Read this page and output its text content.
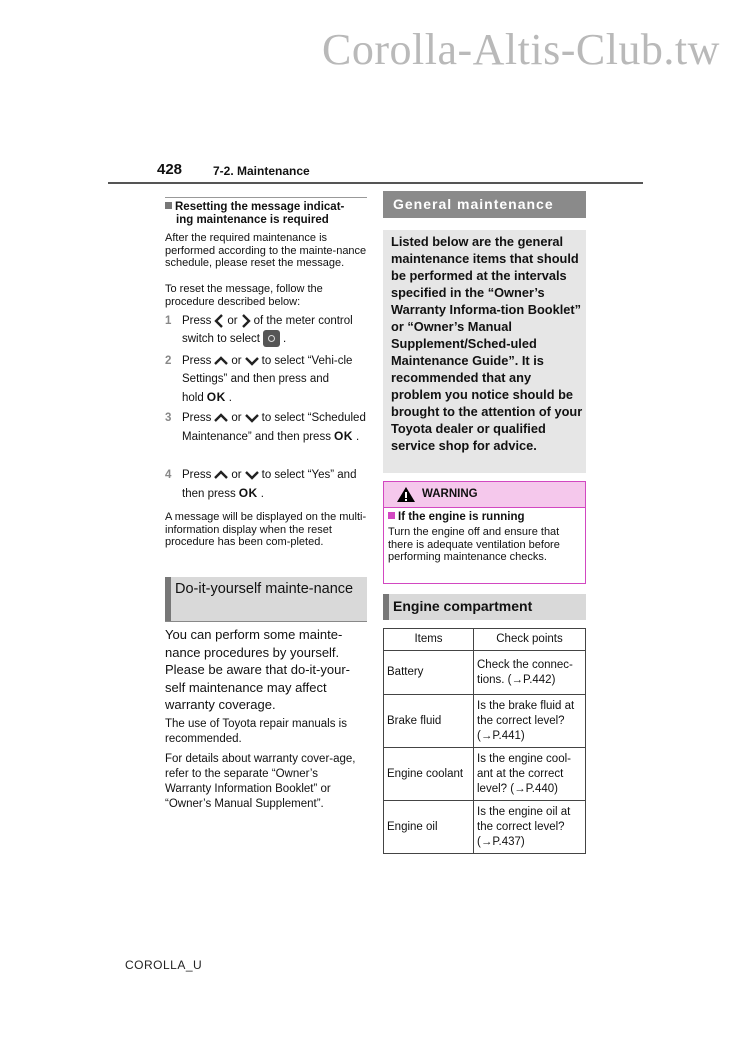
Corolla-Altis-Club.tw
428	7-2. Maintenance
Resetting the message indicat-
ing maintenance is required
After the required maintenance is performed according to the mainte-nance schedule, please reset the message.
To reset the message, follow the procedure described below:
1 Press or of the meter control switch to select .
2 Press or to select “Vehi-cle Settings” and then press and hold OK .
3 Press or to select “Scheduled Maintenance” and then press OK .
4 Press or to select “Yes” and then press OK .
A message will be displayed on the multi-information display when the reset procedure has been com-pleted.
Do-it-yourself mainte-nance
You can perform some mainte-nance procedures by yourself. Please be aware that do-it-your-self maintenance may affect warranty coverage.
The use of Toyota repair manuals is recommended.
For details about warranty cover-age, refer to the separate “Owner’s Warranty Information Booklet” or “Owner’s Manual Supplement”.
General maintenance
Listed below are the general maintenance items that should be performed at the intervals specified in the “Owner’s Warranty Informa-tion Booklet” or “Owner’s Manual Supplement/Sched-uled Maintenance Guide”. It is recommended that any problem you notice should be brought to the attention of your Toyota dealer or qualified service shop for advice.
WARNING
If the engine is running
Turn the engine off and ensure that there is adequate ventilation before performing maintenance checks.
Engine compartment
Items	Check points
Battery	Check the connec-tions. (→P.442)
Brake fluid	Is the brake fluid at the correct level? (→P.441)
Engine coolant	Is the engine cool-ant at the correct level? (→P.440)
Engine oil	Is the engine oil at the correct level? (→P.437)
COROLLA_U
